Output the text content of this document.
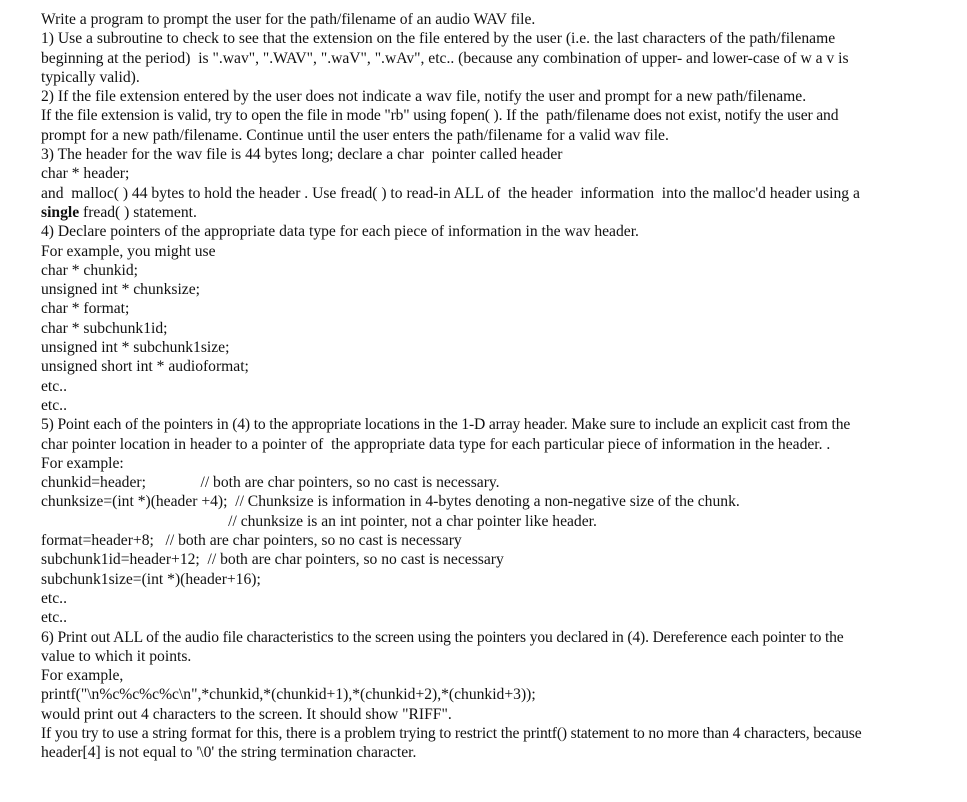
Write a program to prompt the user for the path/filename of an audio WAV file.
1) Use a subroutine to check to see that the extension on the file entered by the user (i.e. the last characters of the path/filename
beginning at the period)  is ".wav", ".WAV", ".waV", ".wAv", etc.. (because any combination of upper- and lower-case of w a v is
typically valid).
2) If the file extension entered by the user does not indicate a wav file, notify the user and prompt for a new path/filename.
If the file extension is valid, try to open the file in mode "rb" using fopen( ). If the  path/filename does not exist, notify the user and
prompt for a new path/filename. Continue until the user enters the path/filename for a valid wav file.
3) The header for the wav file is 44 bytes long; declare a char  pointer called header
char * header;
and  malloc( ) 44 bytes to hold the header . Use fread( ) to read-in ALL of  the header  information  into the malloc'd header using a
single fread( ) statement.
4) Declare pointers of the appropriate data type for each piece of information in the wav header.
For example, you might use
char * chunkid;
unsigned int * chunksize;
char * format;
char * subchunk1id;
unsigned int * subchunk1size;
unsigned short int * audioformat;
etc..
etc..
5) Point each of the pointers in (4) to the appropriate locations in the 1-D array header. Make sure to include an explicit cast from the
char pointer location in header to a pointer of  the appropriate data type for each particular piece of information in the header. .
For example:
chunkid=header;              // both are char pointers, so no cast is necessary.
chunksize=(int *)(header +4);  // Chunksize is information in 4-bytes denoting a non-negative size of the chunk.
// chunksize is an int pointer, not a char pointer like header.
format=header+8;   // both are char pointers, so no cast is necessary
subchunk1id=header+12;  // both are char pointers, so no cast is necessary
subchunk1size=(int *)(header+16);
etc..
etc..
6) Print out ALL of the audio file characteristics to the screen using the pointers you declared in (4). Dereference each pointer to the
value to which it points.
For example,
printf("\n%c%c%c%c\n",*chunkid,*(chunkid+1),*(chunkid+2),*(chunkid+3));
would print out 4 characters to the screen. It should show "RIFF".
If you try to use a string format for this, there is a problem trying to restrict the printf() statement to no more than 4 characters, because
header[4] is not equal to '\0' the string termination character.
